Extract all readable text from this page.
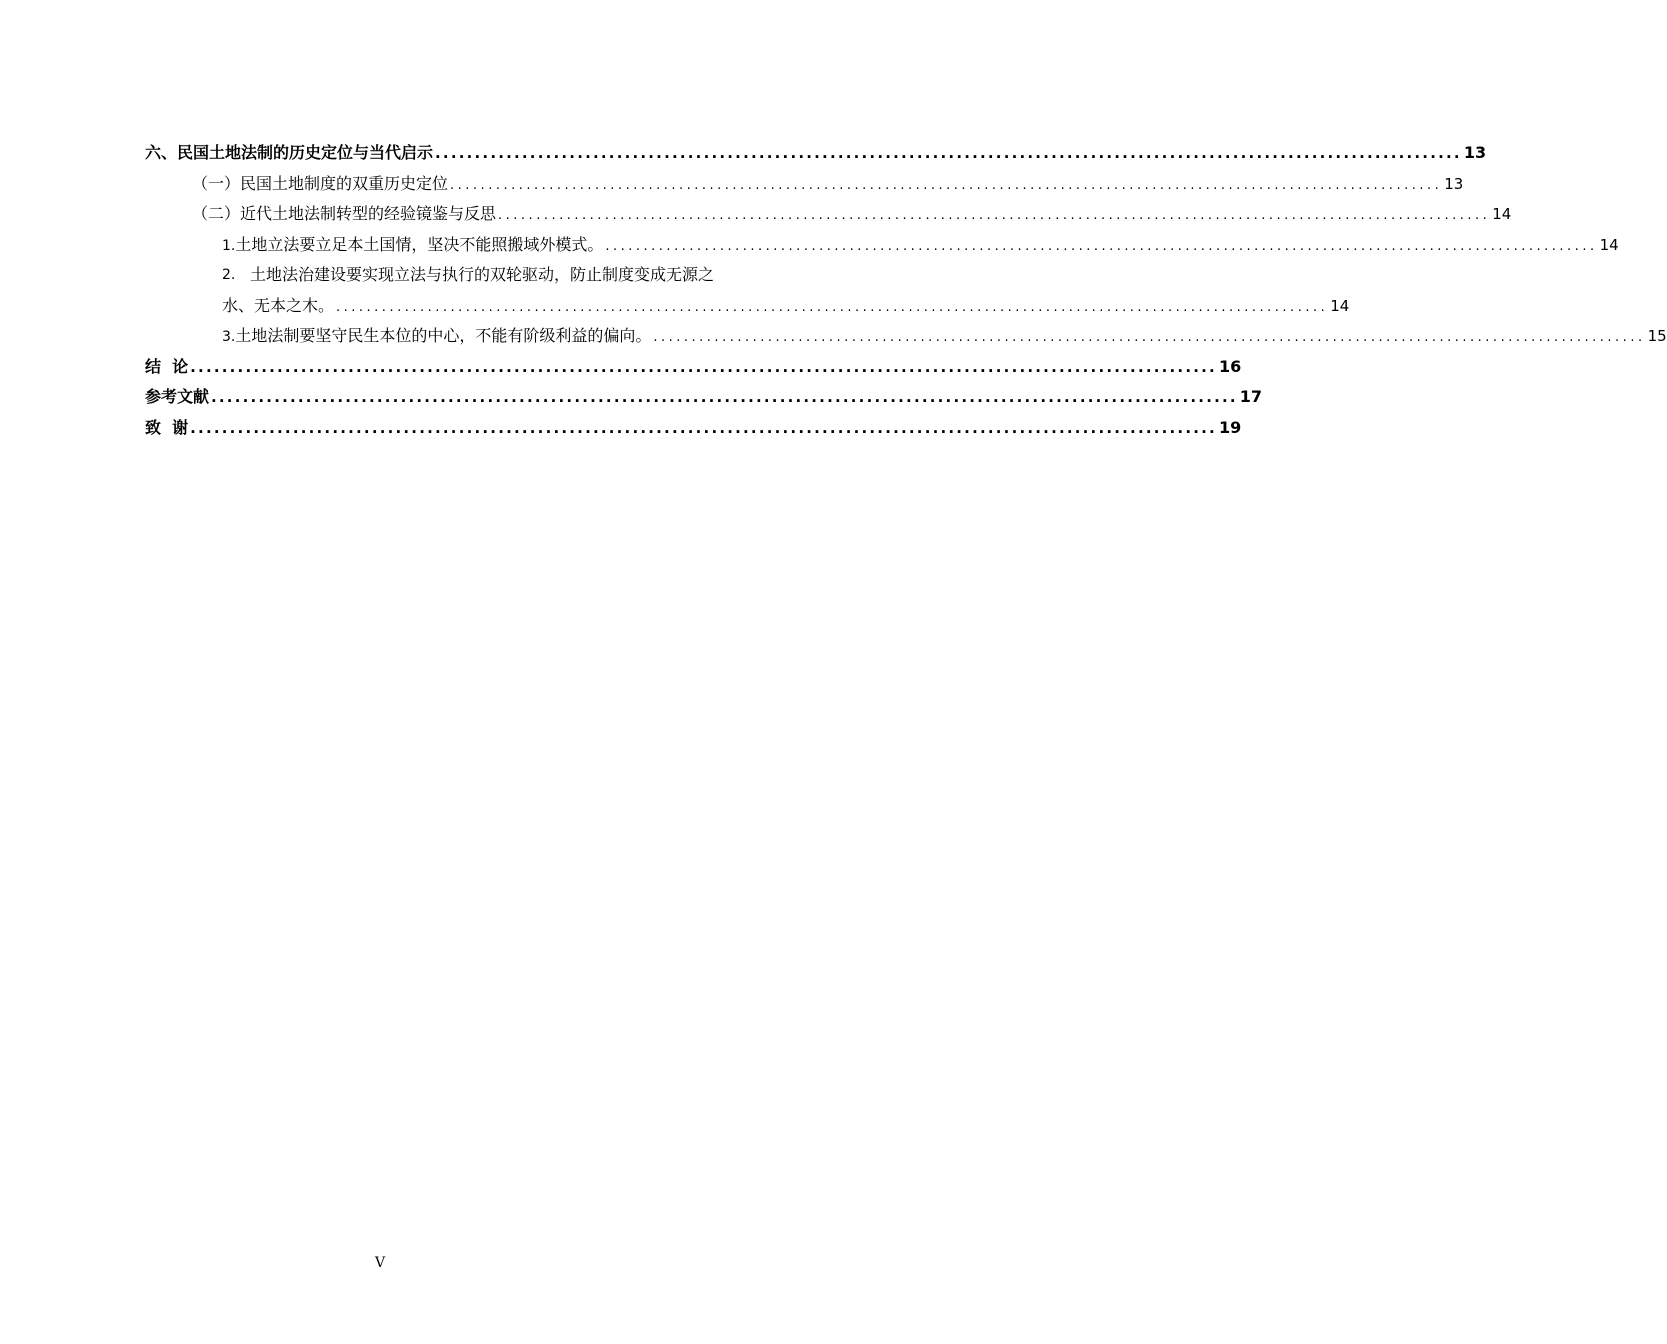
六、 民国土地法制的历史定位与当代启示 .................................................................................................................................. 13
（一） 民国土地制度的双重历史定位 .................................................................................................................................. 13
（二） 近代土地法制转型的经验镜鉴与反思 .................................................................................................................................. 14
1. 土地立法要立足本土国情，坚决不能照搬域外模式。 .................................................................................................................................. 14
2. 土地法治建设要实现立法与执行的双轮驱动，防止制度变成无源之
水、无本之木。 .................................................................................................................................. 14
3. 土地法制要坚守民生本位的中心，不能有阶级利益的偏向。 .................................................................................................................................. 15
结  论 .................................................................................................................................. 16
参考文献 .................................................................................................................................. 17
致  谢 .................................................................................................................................. 19
V
